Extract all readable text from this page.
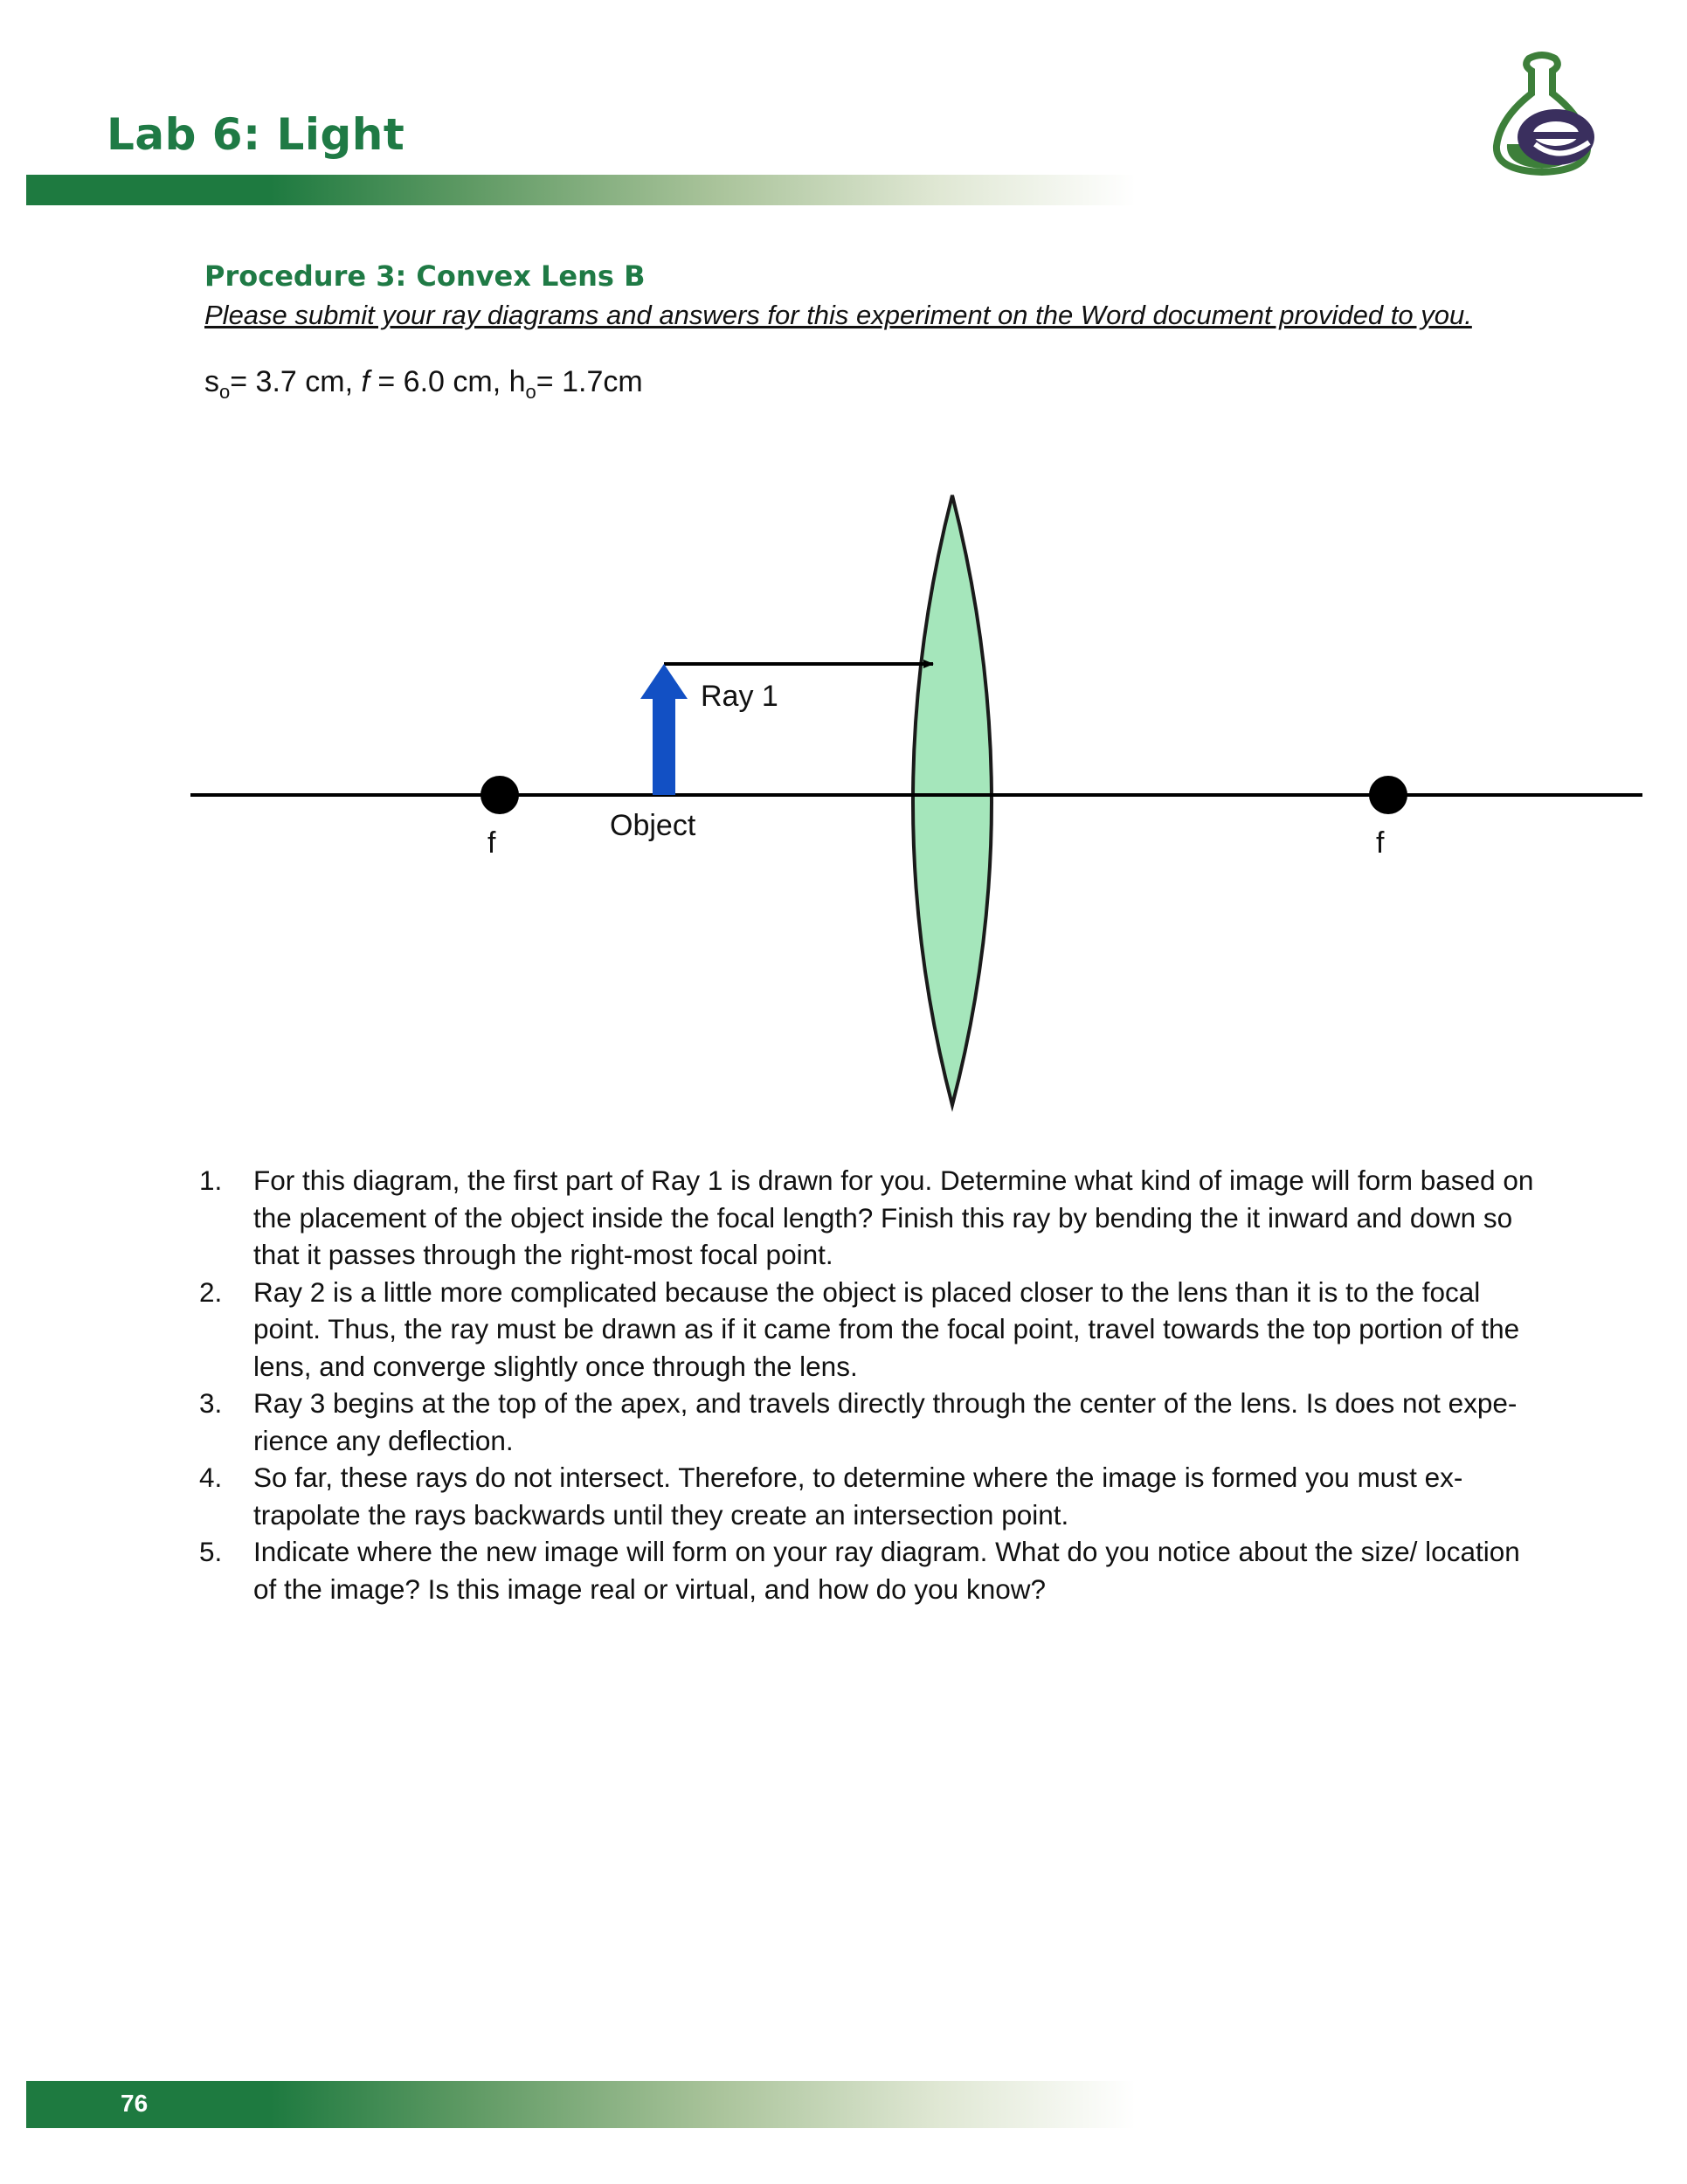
Lab 6: Light
Procedure 3: Convex Lens B
Please submit your ray diagrams and answers for this experiment on the Word document provided to you.
$s_o= 3.7$ cm, f = 6.0 cm, $h_o= 1.7cm$
Ray 1
Object
f	f
1. For this diagram, the first part of Ray 1 is drawn for you. Determine what kind of image will form based on the placement of the object inside the focal length? Finish this ray by bending the it inward and down so that it passes through the right-most focal point.
2. Ray 2 is a little more complicated because the object is placed closer to the lens than it is to the focal point. Thus, the ray must be drawn as if it came from the focal point, travel towards the top portion of the lens, and converge slightly once through the lens.
3. Ray 3 begins at the top of the apex, and travels directly through the center of the lens. Is does not expe-rience any deflection.
4. So far, these rays do not intersect. Therefore, to determine where the image is formed you must ex-trapolate the rays backwards until they create an intersection point.
5. Indicate where the new image will form on your ray diagram. What do you notice about the size/ location of the image? Is this image real or virtual, and how do you know?
76
